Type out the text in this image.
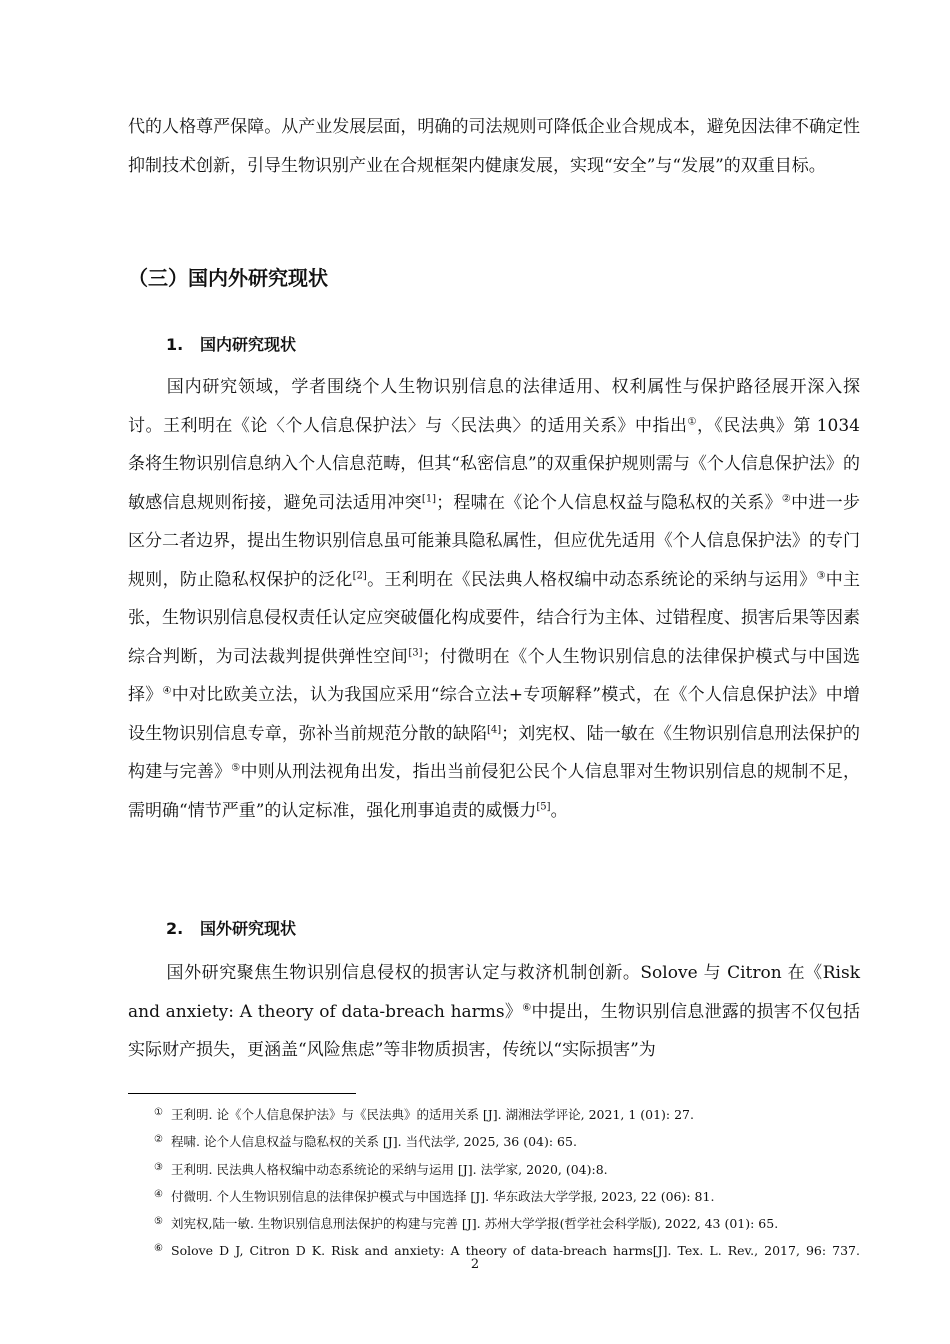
代的人格尊严保障。从产业发展层面，明确的司法规则可降低企业合规成本，避免因法律不确定性抑制技术创新，引导生物识别产业在合规框架内健康发展，实现“安全”与“发展”的双重目标。

（三）国内外研究现状
1. 国内研究现状

国内研究领域，学者围绕个人生物识别信息的法律适用、权利属性与保护路径展开深入探讨。王利明在《论〈个人信息保护法〉与〈民法典〉的适用关系》中指出①，《民法典》第 1034 条将生物识别信息纳入个人信息范畴，但其“私密信息”的双重保护规则需与《个人信息保护法》的敏感信息规则衔接，避免司法适用冲突[1]；程啸在《论个人信息权益与隐私权的关系》②中进一步区分二者边界，提出生物识别信息虽可能兼具隐私属性，但应优先适用《个人信息保护法》的专门规则，防止隐私权保护的泛化[2]。王利明在《民法典人格权编中动态系统论的采纳与运用》③中主张，生物识别信息侵权责任认定应突破僵化构成要件，结合行为主体、过错程度、损害后果等因素综合判断，为司法裁判提供弹性空间[3]；付微明在《个人生物识别信息的法律保护模式与中国选择》④中对比欧美立法，认为我国应采用“综合立法+专项解释”模式，在《个人信息保护法》中增设生物识别信息专章，弥补当前规范分散的缺陷[4]；刘宪权、陆一敏在《生物识别信息刑法保护的构建与完善》⑤中则从刑法视角出发，指出当前侵犯公民个人信息罪对生物识别信息的规制不足，需明确“情节严重”的认定标准，强化刑事追责的威慑力[5]。

2. 国外研究现状

国外研究聚焦生物识别信息侵权的损害认定与救济机制创新。Solove 与 Citron 在《Risk and anxiety: A theory of data-breach harms》⑥中提出，生物识别信息泄露的损害不仅包括实际财产损失，更涵盖“风险焦虑”等非物质损害，传统以“实际损害”为

① 王利明. 论《个人信息保护法》与《民法典》的适用关系 [J]. 湖湘法学评论, 2021, 1 (01): 27.
② 程啸. 论个人信息权益与隐私权的关系 [J]. 当代法学, 2025, 36 (04): 65.
③ 王利明. 民法典人格权编中动态系统论的采纳与运用 [J]. 法学家, 2020, (04):8.
④ 付微明. 个人生物识别信息的法律保护模式与中国选择 [J]. 华东政法大学学报, 2023, 22 (06): 81.
⑤ 刘宪权,陆一敏. 生物识别信息刑法保护的构建与完善 [J]. 苏州大学学报(哲学社会科学版), 2022, 43 (01): 65.
⑥ Solove D J, Citron D K. Risk and anxiety: A theory of data-breach harms[J]. Tex. L. Rev., 2017, 96: 737.
2
